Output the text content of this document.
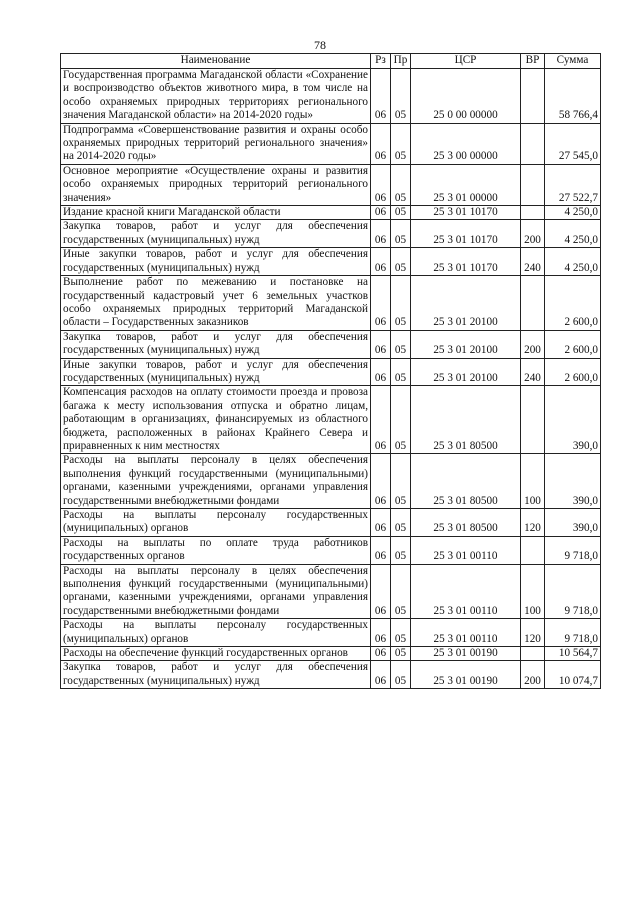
78
Наименование	Рз	Пр	ЦСР	ВР	Сумма
Государственная программа Магаданской области «Сохранение и воспроизводство объектов животного мира, в том числе на особо охраняемых природных территориях регионального значения Магаданской области» на 2014-2020 годы»	06	05	25 0 00 00000		58 766,4
Подпрограмма «Совершенствование развития и охраны особо охраняемых природных территорий регионального значения» на 2014-2020 годы»	06	05	25 3 00 00000		27 545,0
Основное мероприятие «Осуществление охраны и развития особо охраняемых природных территорий регионального значения»	06	05	25 3 01 00000		27 522,7
Издание красной книги Магаданской области	06	05	25 3 01 10170		4 250,0
Закупка товаров, работ и услуг для обеспечения государственных (муниципальных) нужд	06	05	25 3 01 10170	200	4 250,0
Иные закупки товаров, работ и услуг для обеспечения государственных (муниципальных) нужд	06	05	25 3 01 10170	240	4 250,0
Выполнение работ по межеванию и постановке на государственный кадастровый учет 6 земельных участков особо охраняемых природных территорий Магаданской области – Государственных заказников	06	05	25 3 01 20100		2 600,0
Закупка товаров, работ и услуг для обеспечения государственных (муниципальных) нужд	06	05	25 3 01 20100	200	2 600,0
Иные закупки товаров, работ и услуг для обеспечения государственных (муниципальных) нужд	06	05	25 3 01 20100	240	2 600,0
Компенсация расходов на оплату стоимости проезда и провоза багажа к месту использования отпуска и обратно лицам, работающим в организациях, финансируемых из областного бюджета, расположенных в районах Крайнего Севера и приравненных к ним местностях	06	05	25 3 01 80500		390,0
Расходы на выплаты персоналу в целях обеспечения выполнения функций государственными (муниципальными) органами, казенными учреждениями, органами управления государственными внебюджетными фондами	06	05	25 3 01 80500	100	390,0
Расходы на выплаты персоналу государственных (муниципальных) органов	06	05	25 3 01 80500	120	390,0
Расходы на выплаты по оплате труда работников государственных органов	06	05	25 3 01 00110		9 718,0
Расходы на выплаты персоналу в целях обеспечения выполнения функций государственными (муниципальными) органами, казенными учреждениями, органами управления государственными внебюджетными фондами	06	05	25 3 01 00110	100	9 718,0
Расходы на выплаты персоналу государственных (муниципальных) органов	06	05	25 3 01 00110	120	9 718,0
Расходы на обеспечение функций государственных органов	06	05	25 3 01 00190		10 564,7
Закупка товаров, работ и услуг для обеспечения государственных (муниципальных) нужд	06	05	25 3 01 00190	200	10 074,7
